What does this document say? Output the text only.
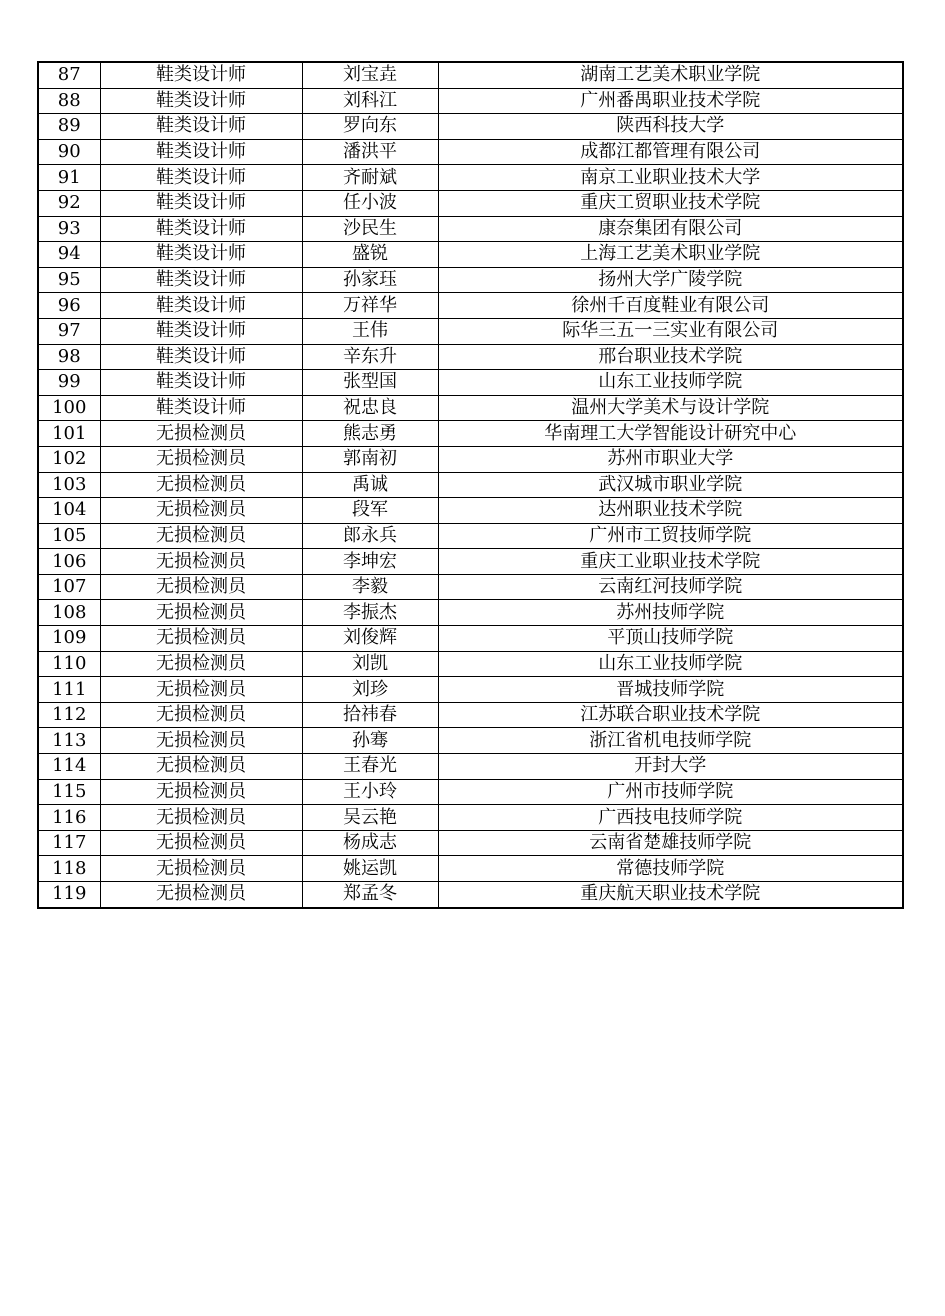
87	鞋类设计师	刘宝垚	湖南工艺美术职业学院
88	鞋类设计师	刘科江	广州番禺职业技术学院
89	鞋类设计师	罗向东	陕西科技大学
90	鞋类设计师	潘洪平	成都江都管理有限公司
91	鞋类设计师	齐耐斌	南京工业职业技术大学
92	鞋类设计师	任小波	重庆工贸职业技术学院
93	鞋类设计师	沙民生	康奈集团有限公司
94	鞋类设计师	盛锐	上海工艺美术职业学院
95	鞋类设计师	孙家珏	扬州大学广陵学院
96	鞋类设计师	万祥华	徐州千百度鞋业有限公司
97	鞋类设计师	王伟	际华三五一三实业有限公司
98	鞋类设计师	辛东升	邢台职业技术学院
99	鞋类设计师	张型国	山东工业技师学院
100	鞋类设计师	祝忠良	温州大学美术与设计学院
101	无损检测员	熊志勇	华南理工大学智能设计研究中心
102	无损检测员	郭南初	苏州市职业大学
103	无损检测员	禹诚	武汉城市职业学院
104	无损检测员	段军	达州职业技术学院
105	无损检测员	郎永兵	广州市工贸技师学院
106	无损检测员	李坤宏	重庆工业职业技术学院
107	无损检测员	李毅	云南红河技师学院
108	无损检测员	李振杰	苏州技师学院
109	无损检测员	刘俊辉	平顶山技师学院
110	无损检测员	刘凯	山东工业技师学院
111	无损检测员	刘珍	晋城技师学院
112	无损检测员	拾祎春	江苏联合职业技术学院
113	无损检测员	孙骞	浙江省机电技师学院
114	无损检测员	王春光	开封大学
115	无损检测员	王小玲	广州市技师学院
116	无损检测员	吴云艳	广西技电技师学院
117	无损检测员	杨成志	云南省楚雄技师学院
118	无损检测员	姚运凯	常德技师学院
119	无损检测员	郑孟冬	重庆航天职业技术学院
